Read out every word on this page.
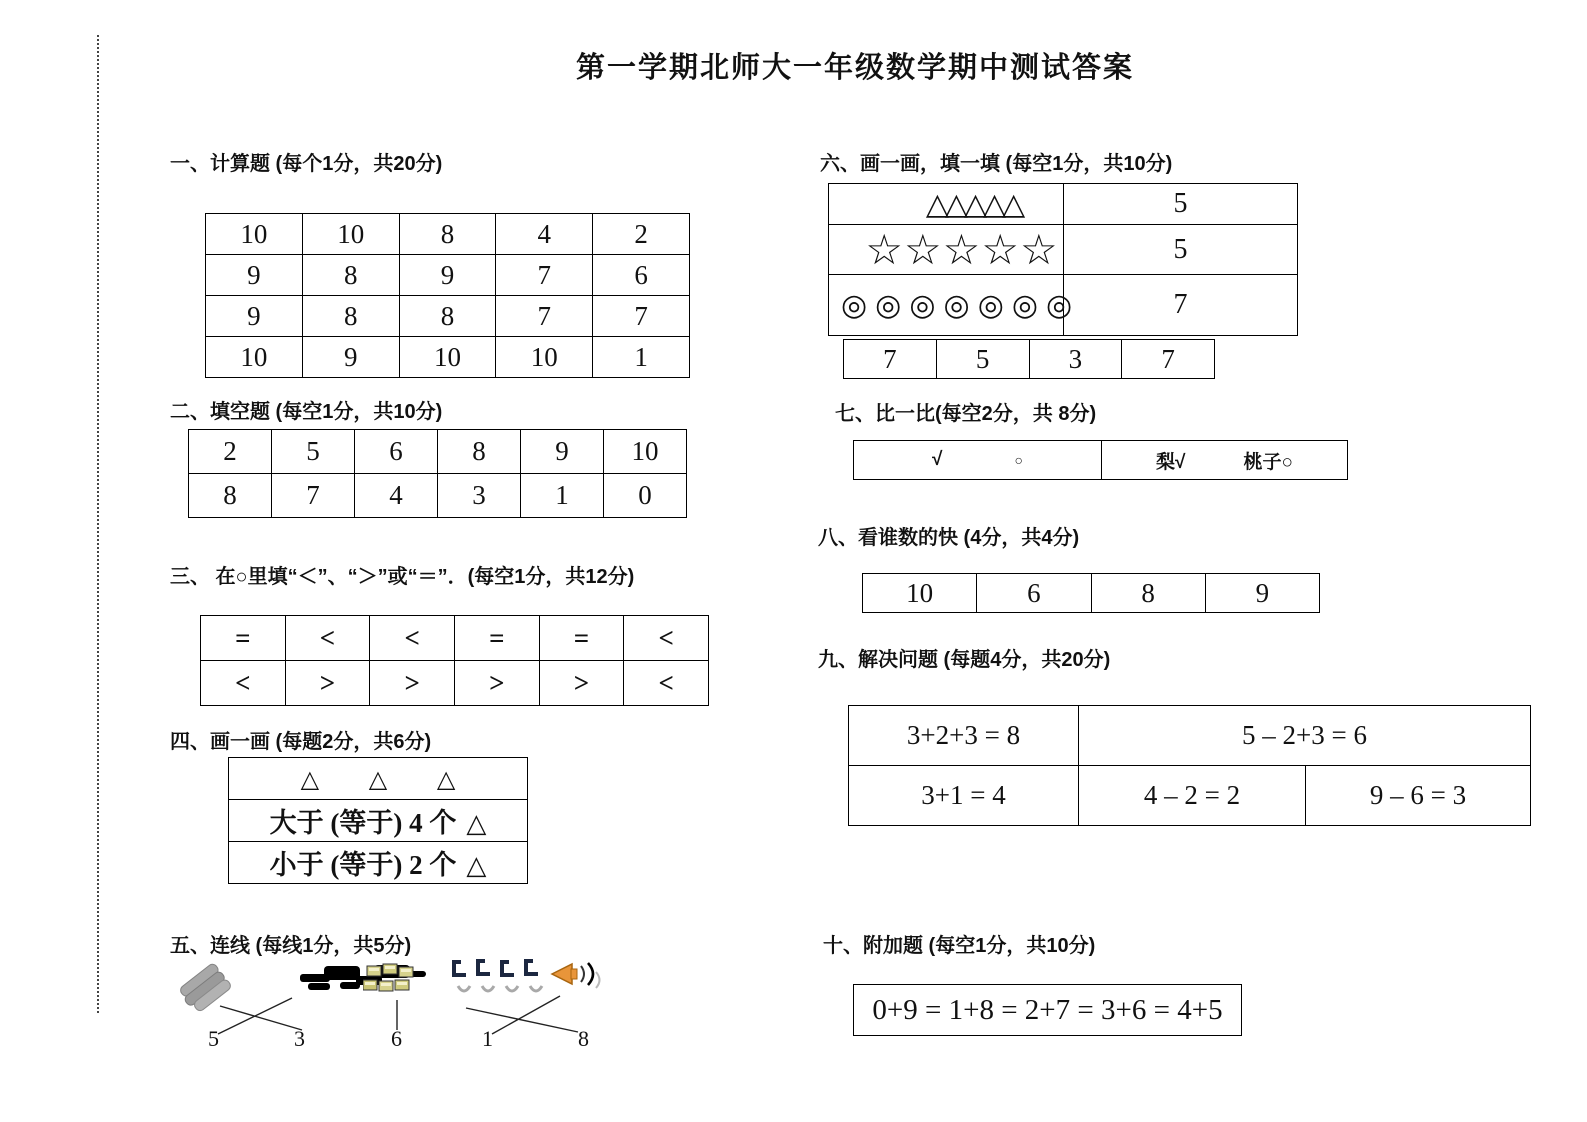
第一学期北师大一年级数学期中测试答案
一、计算题 (每个1分，共20分)
10	10	8	4	2
9	8	9	7	6
9	8	8	7	7
10	9	10	10	1
二、填空题 (每空1分，共10分)
2	5	6	8	9	10
8	7	4	3	1	0
三、 在○里填“＜”、“＞”或“＝”．(每空1分，共12分)
=	<	<	=	=	<
<	>	>	>	>	<
四、画一画 (每题2分，共6分)
△ △ △
大于 (等于) 4 个 △
小于 (等于) 2 个 △
五、连线 (每线1分，共5分)
5	3	6	1	8
六、画一画，填一填 (每空1分，共10分)
△△△△△	5
☆☆☆☆☆	5
◎◎◎◎◎◎◎	7
7	5	3	7
七、比一比(每空2分，共 8分)
√	○	梨√	桃子○
八、看谁数的快 (4分，共4分)
10	6	8	9
九、解决问题 (每题4分，共20分)
3+2+3 = 8	5 – 2+3 = 6	
3+1 = 4	4 – 2 = 2	9 – 6 = 3
十、附加题 (每空1分，共10分)
0+9 = 1+8 = 2+7 = 3+6 = 4+5
